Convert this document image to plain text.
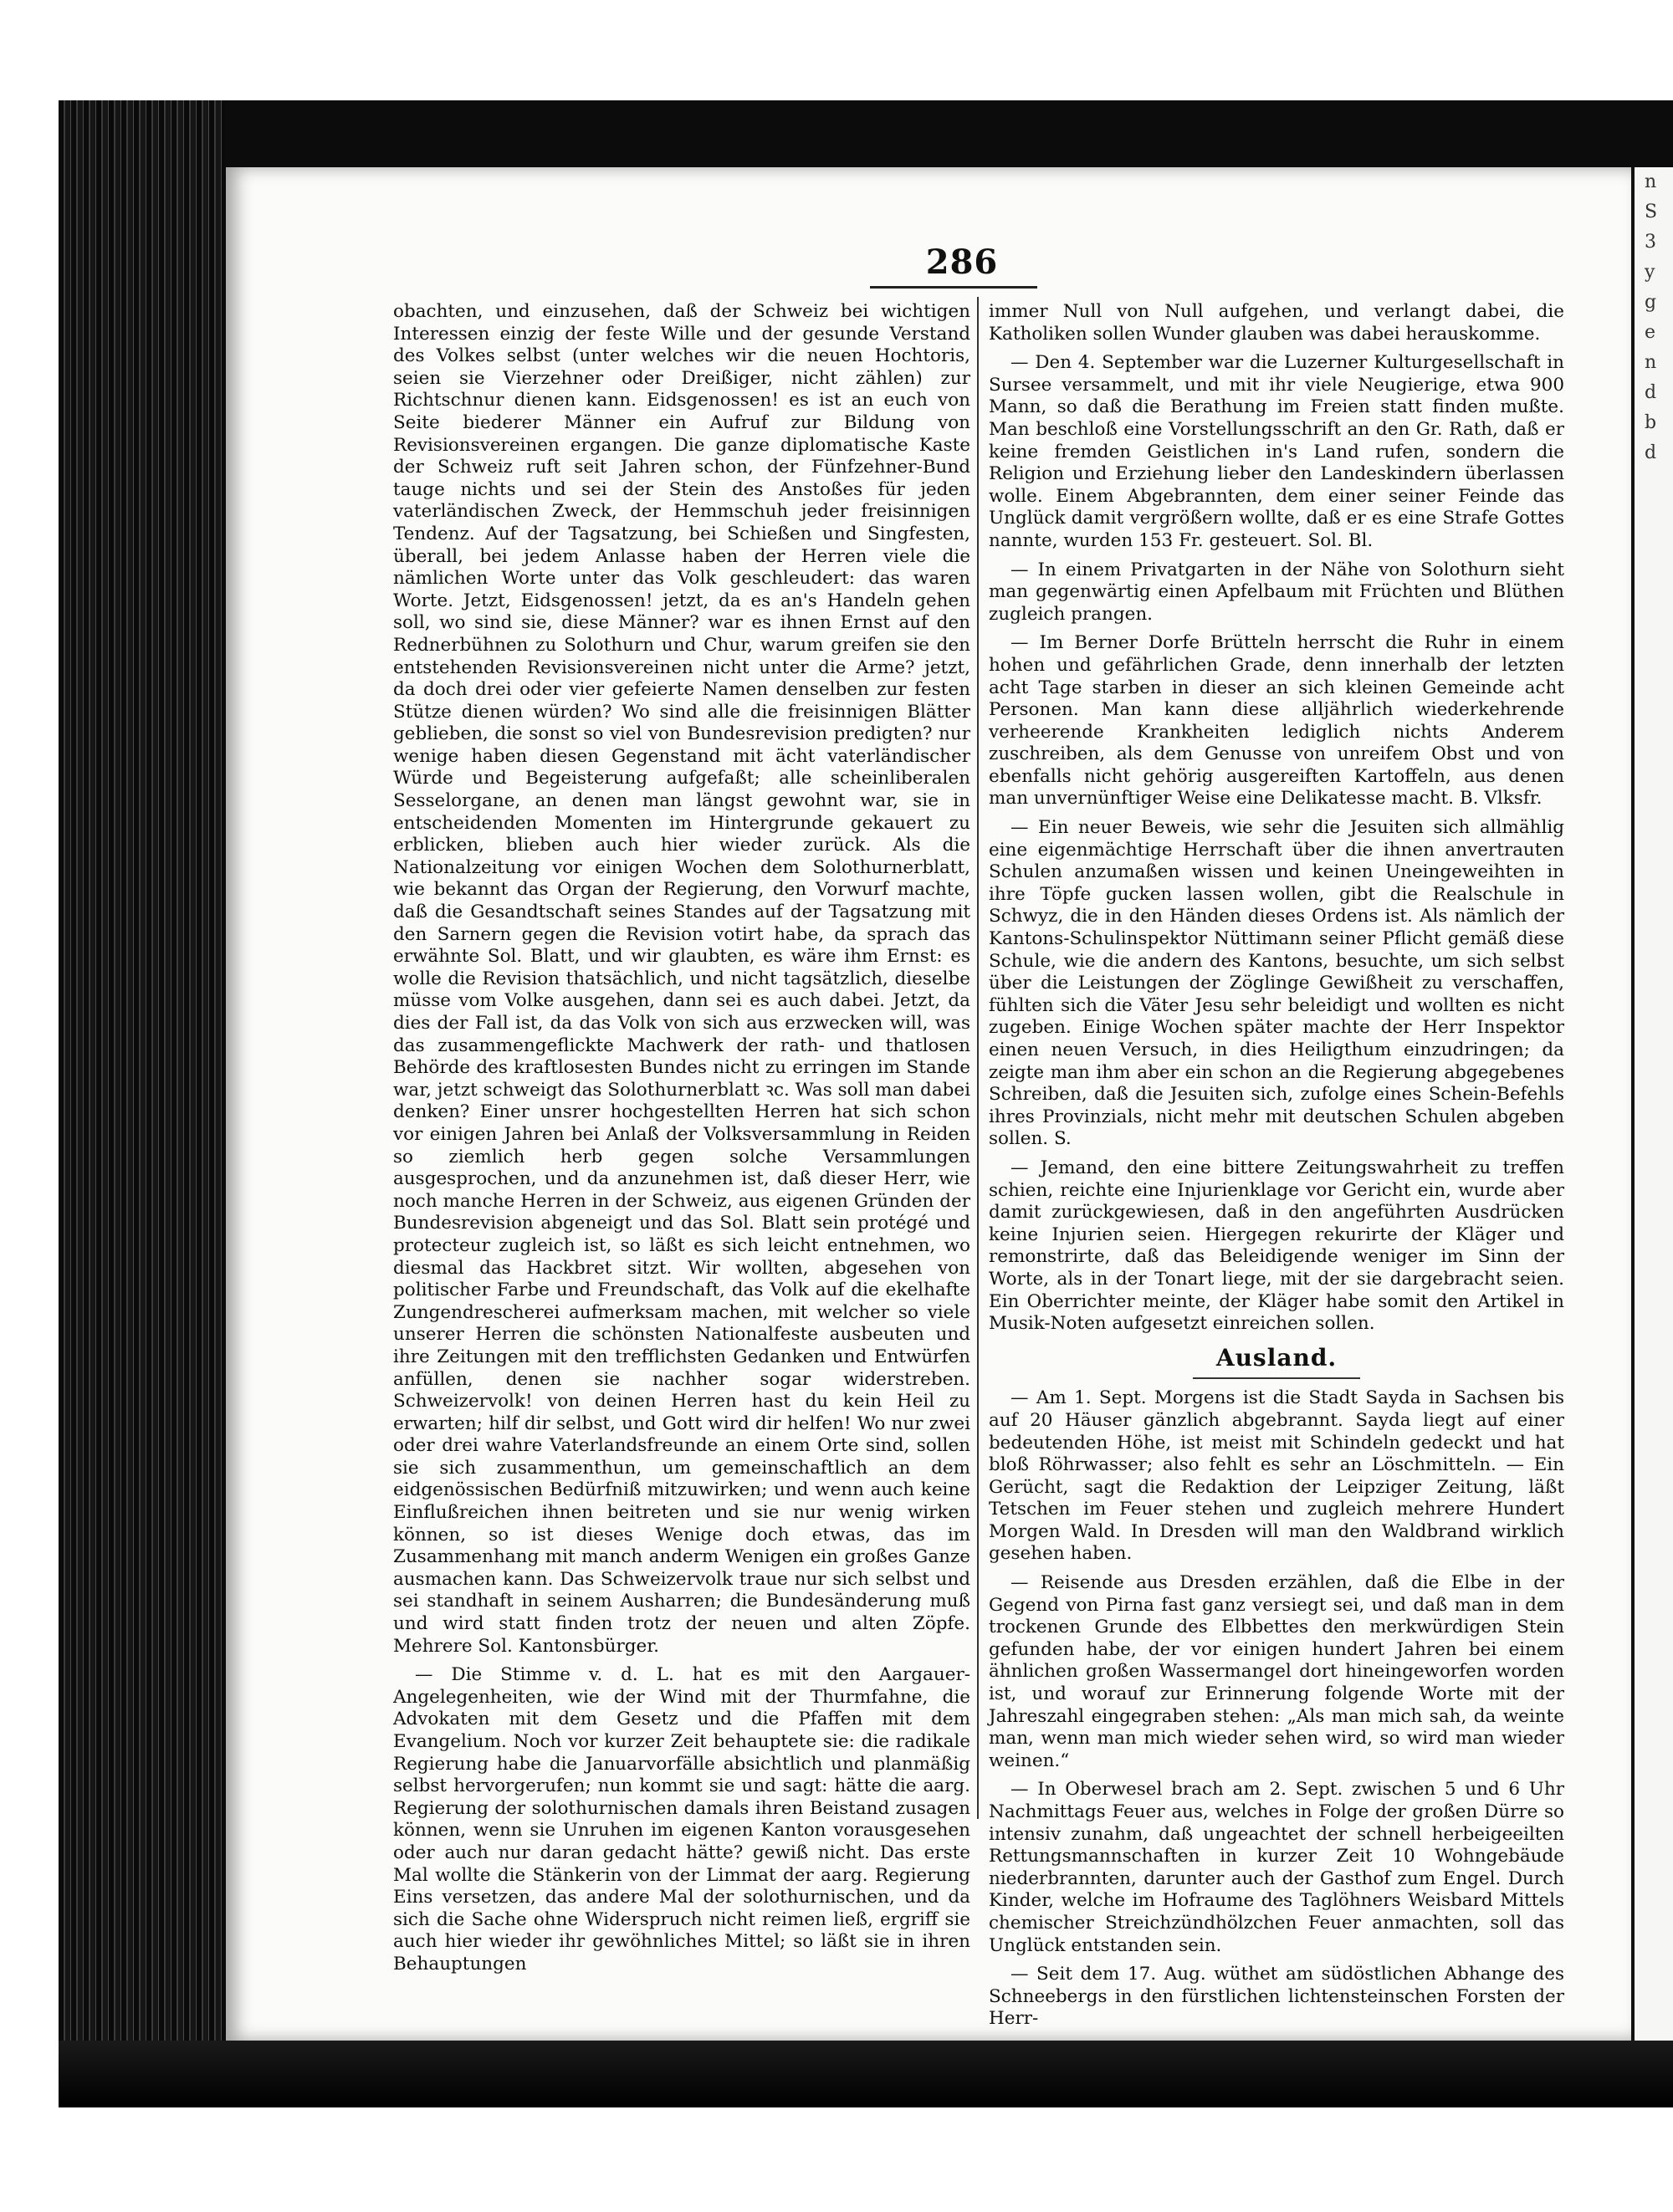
n
S
3
y
g
e
n
d
b
d
286

obachten, und einzusehen, daß der Schweiz bei wichtigen Interessen einzig der feste Wille und der gesunde Verstand des Volkes selbst (unter welches wir die neuen Hochtoris, seien sie Vierzehner oder Dreißiger, nicht zählen) zur Richtschnur dienen kann. Eidsgenossen! es ist an euch von Seite biederer Männer ein Aufruf zur Bildung von Revisionsvereinen ergangen. Die ganze diplomatische Kaste der Schweiz ruft seit Jahren schon, der Fünfzehner-Bund tauge nichts und sei der Stein des Anstoßes für jeden vaterländischen Zweck, der Hemmschuh jeder freisinnigen Tendenz. Auf der Tagsatzung, bei Schießen und Singfesten, überall, bei jedem Anlasse haben der Herren viele die nämlichen Worte unter das Volk geschleudert: das waren Worte. Jetzt, Eidsgenossen! jetzt, da es an's Handeln gehen soll, wo sind sie, diese Männer? war es ihnen Ernst auf den Rednerbühnen zu Solothurn und Chur, warum greifen sie den entstehenden Revisionsvereinen nicht unter die Arme? jetzt, da doch drei oder vier gefeierte Namen denselben zur festen Stütze dienen würden? Wo sind alle die freisinnigen Blätter geblieben, die sonst so viel von Bundesrevision predigten? nur wenige haben diesen Gegenstand mit ächt vaterländischer Würde und Begeisterung aufgefaßt; alle scheinliberalen Sesselorgane, an denen man längst gewohnt war, sie in entscheidenden Momenten im Hintergrunde gekauert zu erblicken, blieben auch hier wieder zurück. Als die Nationalzeitung vor einigen Wochen dem Solothurnerblatt, wie bekannt das Organ der Regierung, den Vorwurf machte, daß die Gesandtschaft seines Standes auf der Tagsatzung mit den Sarnern gegen die Revision votirt habe, da sprach das erwähnte Sol. Blatt, und wir glaubten, es wäre ihm Ernst: es wolle die Revision thatsächlich, und nicht tagsätzlich, dieselbe müsse vom Volke ausgehen, dann sei es auch dabei. Jetzt, da dies der Fall ist, da das Volk von sich aus erzwecken will, was das zusammengeflickte Machwerk der rath- und thatlosen Behörde des kraftlosesten Bundes nicht zu erringen im Stande war, jetzt schweigt das Solothurnerblatt ꝛc. Was soll man dabei denken? Einer unsrer hochgestellten Herren hat sich schon vor einigen Jahren bei Anlaß der Volksversammlung in Reiden so ziemlich herb gegen solche Versammlungen ausgesprochen, und da anzunehmen ist, daß dieser Herr, wie noch manche Herren in der Schweiz, aus eigenen Gründen der Bundesrevision abgeneigt und das Sol. Blatt sein protégé und protecteur zugleich ist, so läßt es sich leicht entnehmen, wo diesmal das Hackbret sitzt. Wir wollten, abgesehen von politischer Farbe und Freundschaft, das Volk auf die ekelhafte Zungendrescherei aufmerksam machen, mit welcher so viele unserer Herren die schönsten Nationalfeste ausbeuten und ihre Zeitungen mit den trefflichsten Gedanken und Entwürfen anfüllen, denen sie nachher sogar widerstreben. Schweizervolk! von deinen Herren hast du kein Heil zu erwarten; hilf dir selbst, und Gott wird dir helfen! Wo nur zwei oder drei wahre Vaterlandsfreunde an einem Orte sind, sollen sie sich zusammenthun, um gemeinschaftlich an dem eidgenössischen Bedürfniß mitzuwirken; und wenn auch keine Einflußreichen ihnen beitreten und sie nur wenig wirken können, so ist dieses Wenige doch etwas, das im Zusammenhang mit manch anderm Wenigen ein großes Ganze ausmachen kann. Das Schweizervolk traue nur sich selbst und sei standhaft in seinem Ausharren; die Bundesänderung muß und wird statt finden trotz der neuen und alten Zöpfe. Mehrere Sol. Kantonsbürger.

— Die Stimme v. d. L. hat es mit den Aargauer-Angelegenheiten, wie der Wind mit der Thurmfahne, die Advokaten mit dem Gesetz und die Pfaffen mit dem Evangelium. Noch vor kurzer Zeit behauptete sie: die radikale Regierung habe die Januarvorfälle absichtlich und planmäßig selbst hervorgerufen; nun kommt sie und sagt: hätte die aarg. Regierung der solothurnischen damals ihren Beistand zusagen können, wenn sie Unruhen im eigenen Kanton vorausgesehen oder auch nur daran gedacht hätte? gewiß nicht. Das erste Mal wollte die Stänkerin von der Limmat der aarg. Regierung Eins versetzen, das andere Mal der solothurnischen, und da sich die Sache ohne Widerspruch nicht reimen ließ, ergriff sie auch hier wieder ihr gewöhnliches Mittel; so läßt sie in ihren Behauptungen

immer Null von Null aufgehen, und verlangt dabei, die Katholiken sollen Wunder glauben was dabei herauskomme.

— Den 4. September war die Luzerner Kulturgesellschaft in Sursee versammelt, und mit ihr viele Neugierige, etwa 900 Mann, so daß die Berathung im Freien statt finden mußte. Man beschloß eine Vorstellungsschrift an den Gr. Rath, daß er keine fremden Geistlichen in's Land rufen, sondern die Religion und Erziehung lieber den Landeskindern überlassen wolle. Einem Abgebrannten, dem einer seiner Feinde das Unglück damit vergrößern wollte, daß er es eine Strafe Gottes nannte, wurden 153 Fr. gesteuert. Sol. Bl.

— In einem Privatgarten in der Nähe von Solothurn sieht man gegenwärtig einen Apfelbaum mit Früchten und Blüthen zugleich prangen.

— Im Berner Dorfe Brütteln herrscht die Ruhr in einem hohen und gefährlichen Grade, denn innerhalb der letzten acht Tage starben in dieser an sich kleinen Gemeinde acht Personen. Man kann diese alljährlich wiederkehrende verheerende Krankheiten lediglich nichts Anderem zuschreiben, als dem Genusse von unreifem Obst und von ebenfalls nicht gehörig ausgereiften Kartoffeln, aus denen man unvernünftiger Weise eine Delikatesse macht. B. Vlksfr.

— Ein neuer Beweis, wie sehr die Jesuiten sich allmählig eine eigenmächtige Herrschaft über die ihnen anvertrauten Schulen anzumaßen wissen und keinen Uneingeweihten in ihre Töpfe gucken lassen wollen, gibt die Realschule in Schwyz, die in den Händen dieses Ordens ist. Als nämlich der Kantons-Schulinspektor Nüttimann seiner Pflicht gemäß diese Schule, wie die andern des Kantons, besuchte, um sich selbst über die Leistungen der Zöglinge Gewißheit zu verschaffen, fühlten sich die Väter Jesu sehr beleidigt und wollten es nicht zugeben. Einige Wochen später machte der Herr Inspektor einen neuen Versuch, in dies Heiligthum einzudringen; da zeigte man ihm aber ein schon an die Regierung abgegebenes Schreiben, daß die Jesuiten sich, zufolge eines Schein-Befehls ihres Provinzials, nicht mehr mit deutschen Schulen abgeben sollen. S.

— Jemand, den eine bittere Zeitungswahrheit zu treffen schien, reichte eine Injurienklage vor Gericht ein, wurde aber damit zurückgewiesen, daß in den angeführten Ausdrücken keine Injurien seien. Hiergegen rekurirte der Kläger und remonstrirte, daß das Beleidigende weniger im Sinn der Worte, als in der Tonart liege, mit der sie dargebracht seien. Ein Oberrichter meinte, der Kläger habe somit den Artikel in Musik-Noten aufgesetzt einreichen sollen.

Ausland.

— Am 1. Sept. Morgens ist die Stadt Sayda in Sachsen bis auf 20 Häuser gänzlich abgebrannt. Sayda liegt auf einer bedeutenden Höhe, ist meist mit Schindeln gedeckt und hat bloß Röhrwasser; also fehlt es sehr an Löschmitteln. — Ein Gerücht, sagt die Redaktion der Leipziger Zeitung, läßt Tetschen im Feuer stehen und zugleich mehrere Hundert Morgen Wald. In Dresden will man den Waldbrand wirklich gesehen haben.

— Reisende aus Dresden erzählen, daß die Elbe in der Gegend von Pirna fast ganz versiegt sei, und daß man in dem trockenen Grunde des Elbbettes den merkwürdigen Stein gefunden habe, der vor einigen hundert Jahren bei einem ähnlichen großen Wassermangel dort hineingeworfen worden ist, und worauf zur Erinnerung folgende Worte mit der Jahreszahl eingegraben stehen: „Als man mich sah, da weinte man, wenn man mich wieder sehen wird, so wird man wieder weinen.“

— In Oberwesel brach am 2. Sept. zwischen 5 und 6 Uhr Nachmittags Feuer aus, welches in Folge der großen Dürre so intensiv zunahm, daß ungeachtet der schnell herbeigeeilten Rettungsmannschaften in kurzer Zeit 10 Wohngebäude niederbrannten, darunter auch der Gasthof zum Engel. Durch Kinder, welche im Hofraume des Taglöhners Weisbard Mittels chemischer Streichzündhölzchen Feuer anmachten, soll das Unglück entstanden sein.

— Seit dem 17. Aug. wüthet am südöstlichen Abhange des Schneebergs in den fürstlichen lichtensteinschen Forsten der Herr-
